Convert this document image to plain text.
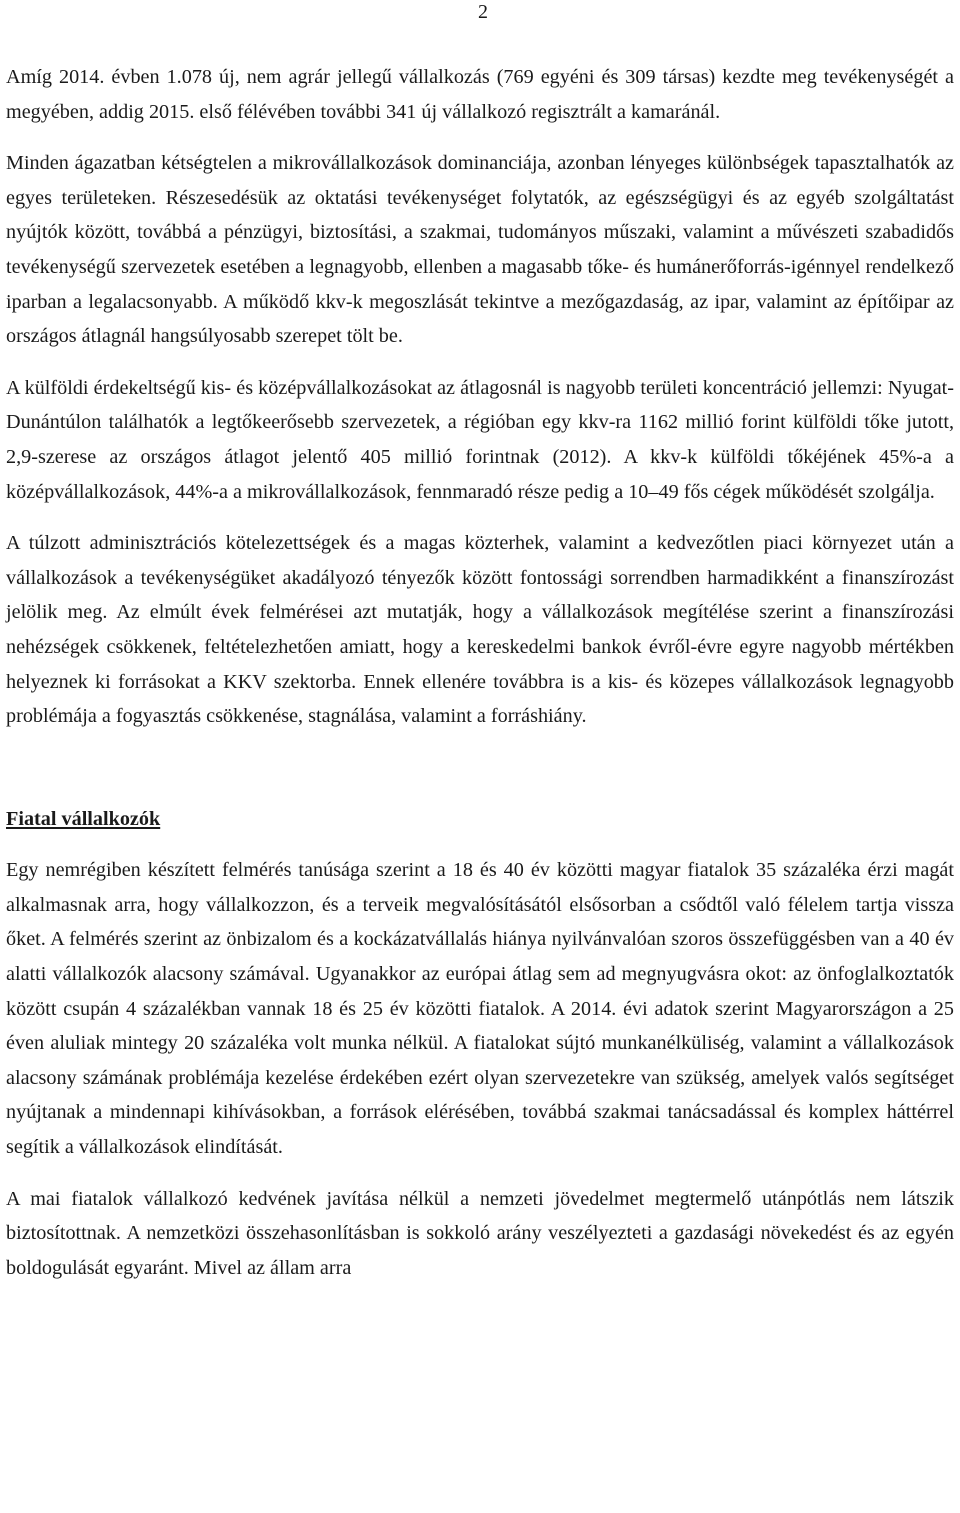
2

Amíg 2014. évben 1.078 új, nem agrár jellegű vállalkozás (769 egyéni és 309 társas) kezdte meg tevékenységét a megyében, addig 2015. első félévében további 341 új vállalkozó regisztrált a kamaránál.

Minden ágazatban kétségtelen a mikrovállalkozások dominanciája, azonban lényeges különbségek tapasztalhatók az egyes területeken. Részesedésük az oktatási tevékenységet folytatók, az egészségügyi és az egyéb szolgáltatást nyújtók között, továbbá a pénzügyi, biztosítási, a szakmai, tudományos műszaki, valamint a művészeti szabadidős tevékenységű szervezetek esetében a legnagyobb, ellenben a magasabb tőke- és humánerőforrás-igénnyel rendelkező iparban a legalacsonyabb. A működő kkv-k megoszlását tekintve a mezőgazdaság, az ipar, valamint az építőipar az országos átlagnál hangsúlyosabb szerepet tölt be.

A külföldi érdekeltségű kis- és középvállalkozásokat az átlagosnál is nagyobb területi koncentráció jellemzi: Nyugat-Dunántúlon találhatók a legtőkeerősebb szervezetek, a régióban egy kkv-ra 1162 millió forint külföldi tőke jutott, 2,9-szerese az országos átlagot jelentő 405 millió forintnak (2012). A kkv-k külföldi tőkéjének 45%-a a középvállalkozások, 44%-a a mikrovállalkozások, fennmaradó része pedig a 10–49 fős cégek működését szolgálja.

A túlzott adminisztrációs kötelezettségek és a magas közterhek, valamint a kedvezőtlen piaci környezet után a vállalkozások a tevékenységüket akadályozó tényezők között fontossági sorrendben harmadikként a finanszírozást jelölik meg. Az elmúlt évek felmérései azt mutatják, hogy a vállalkozások megítélése szerint a finanszírozási nehézségek csökkenek, feltételezhetően amiatt, hogy a kereskedelmi bankok évről-évre egyre nagyobb mértékben helyeznek ki forrásokat a KKV szektorba. Ennek ellenére továbbra is a kis- és közepes vállalkozások legnagyobb problémája a fogyasztás csökkenése, stagnálása, valamint a forráshiány.

Fiatal vállalkozók

Egy nemrégiben készített felmérés tanúsága szerint a 18 és 40 év közötti magyar fiatalok 35 százaléka érzi magát alkalmasnak arra, hogy vállalkozzon, és a terveik megvalósításától elsősorban a csődtől való félelem tartja vissza őket. A felmérés szerint az önbizalom és a kockázatvállalás hiánya nyilvánvalóan szoros összefüggésben van a 40 év alatti vállalkozók alacsony számával. Ugyanakkor az európai átlag sem ad megnyugvásra okot: az önfoglalkoztatók között csupán 4 százalékban vannak 18 és 25 év közötti fiatalok. A 2014. évi adatok szerint Magyarországon a 25 éven aluliak mintegy 20 százaléka volt munka nélkül. A fiatalokat sújtó munkanélküliség, valamint a vállalkozások alacsony számának problémája kezelése érdekében ezért olyan szervezetekre van szükség, amelyek valós segítséget nyújtanak a mindennapi kihívásokban, a források elérésében, továbbá szakmai tanácsadással és komplex háttérrel segítik a vállalkozások elindítását.

A mai fiatalok vállalkozó kedvének javítása nélkül a nemzeti jövedelmet megtermelő utánpótlás nem látszik biztosítottnak. A nemzetközi összehasonlításban is sokkoló arány veszélyezteti a gazdasági növekedést és az egyén boldogulását egyaránt. Mivel az állam arra
